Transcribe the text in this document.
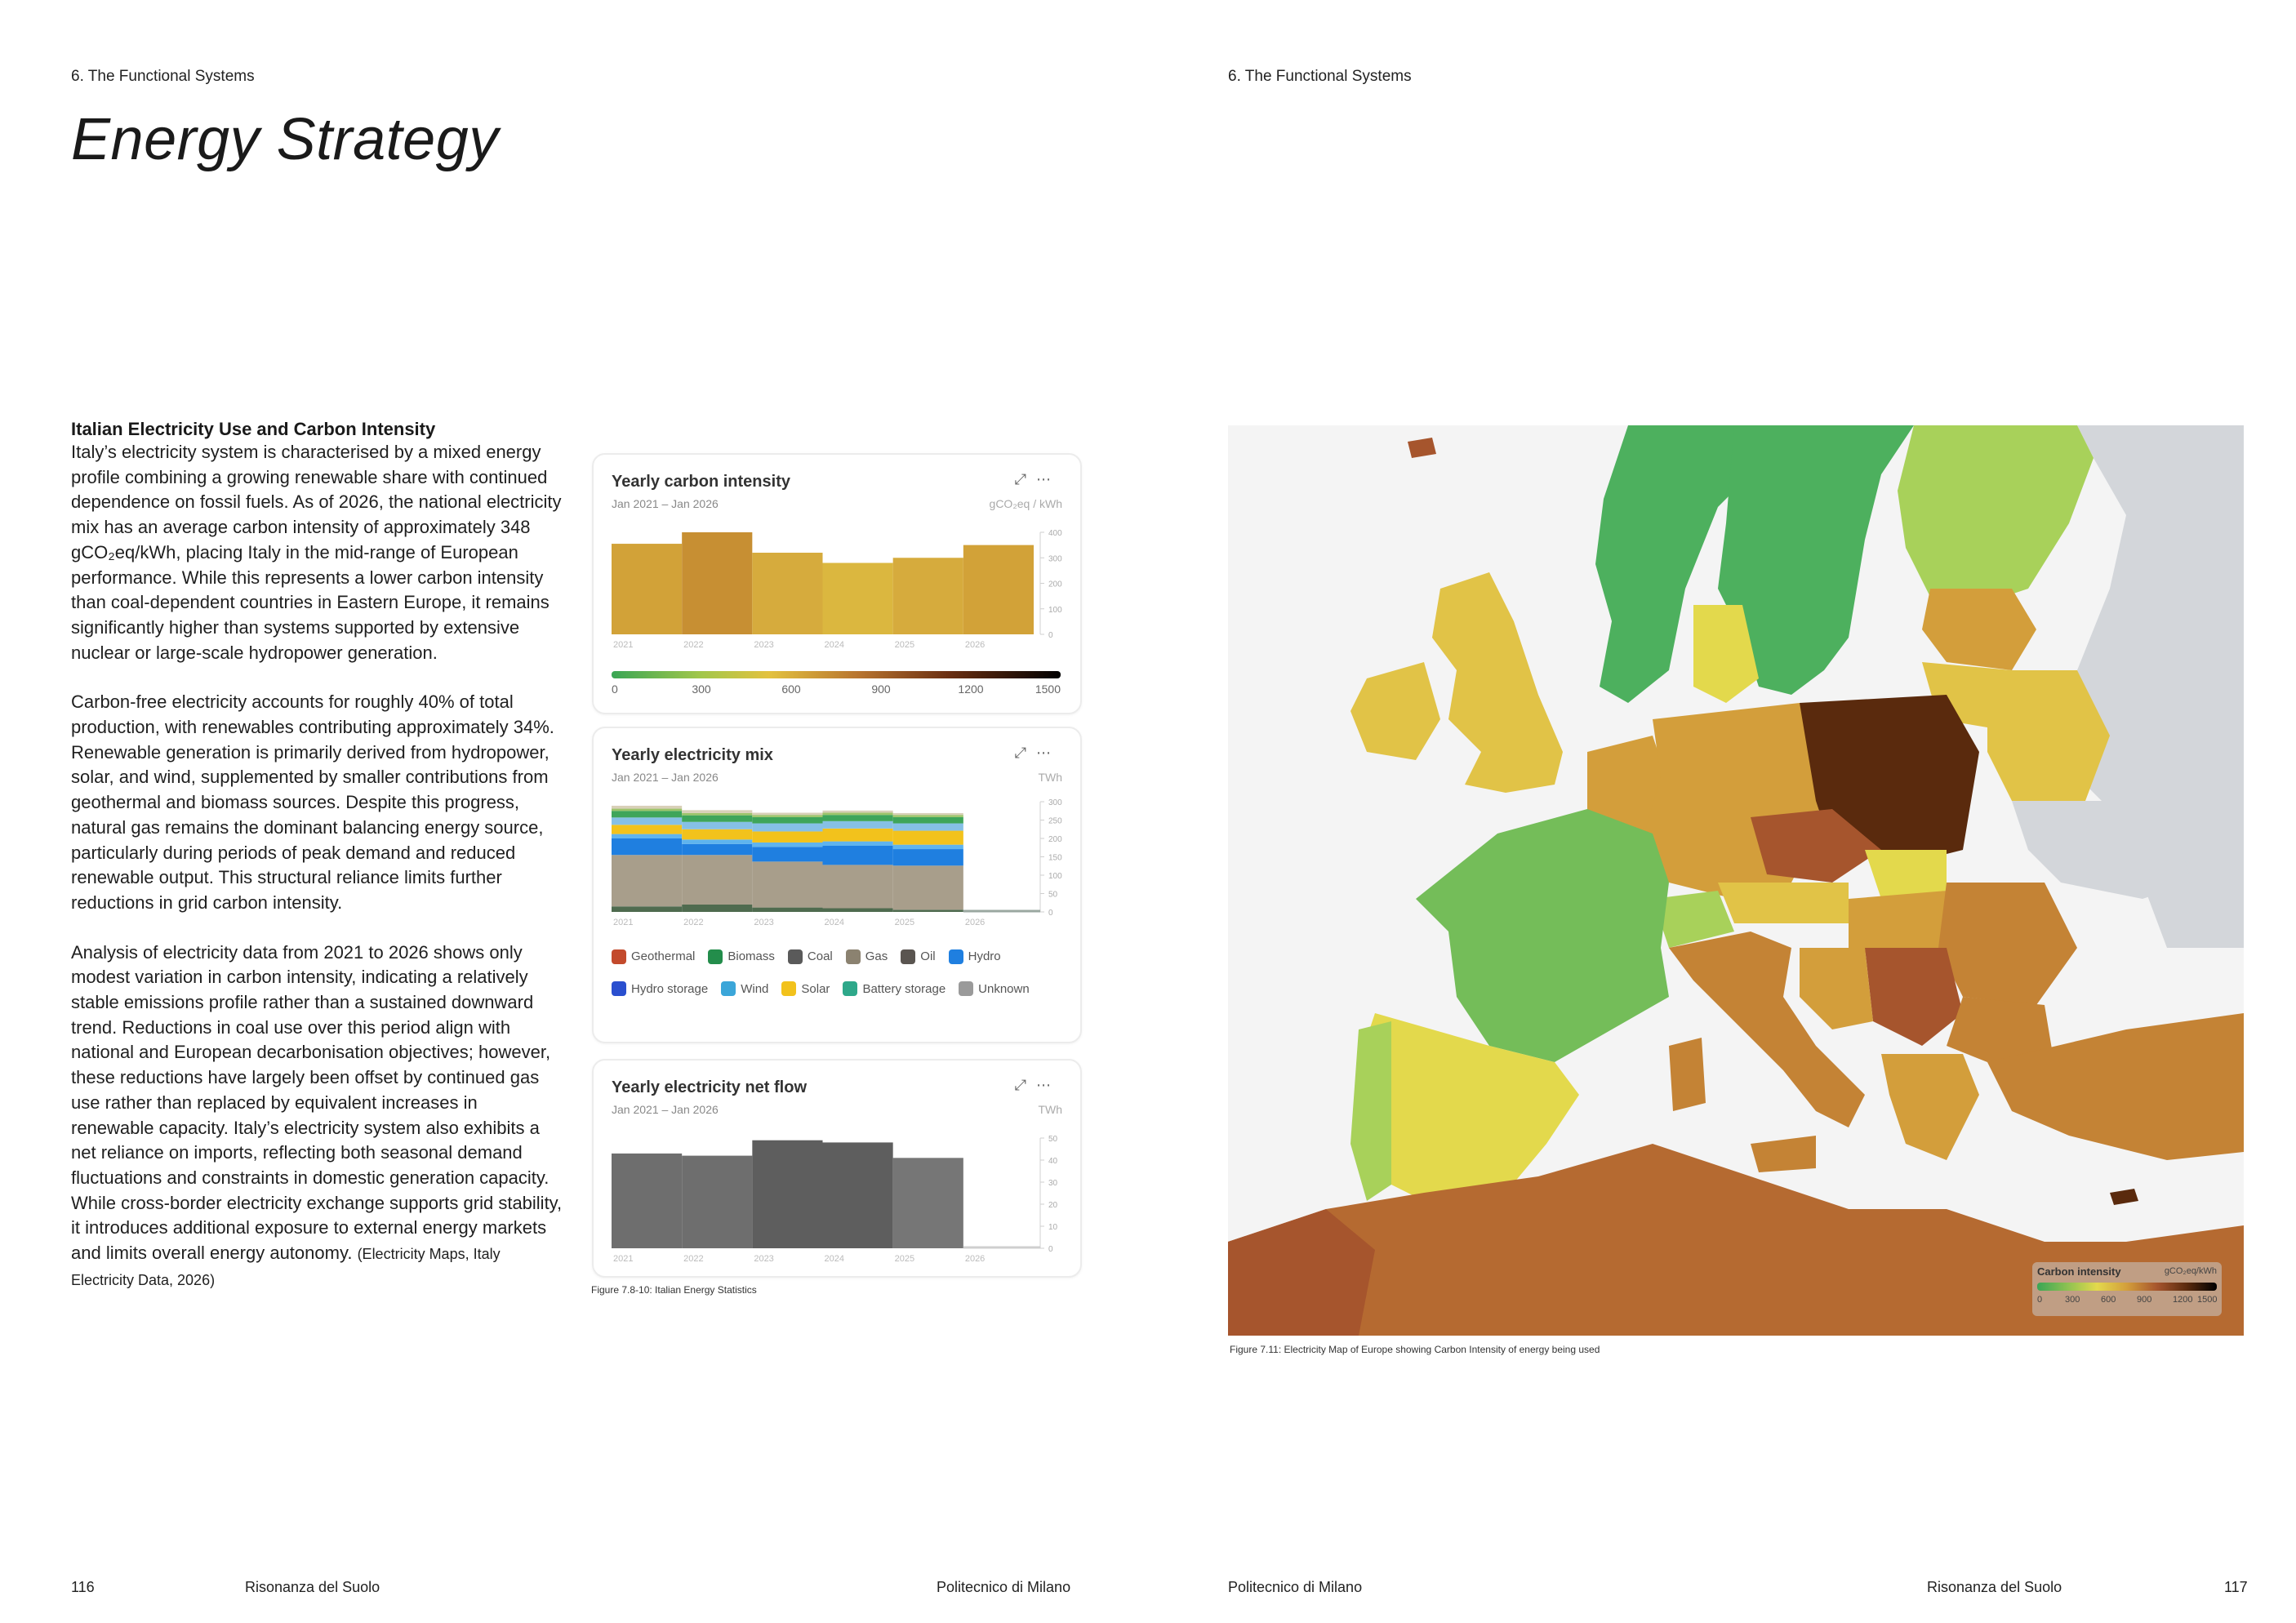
6. The Functional Systems
Energy Strategy
Italian Electricity Use and Carbon Intensity

Italy’s electricity system is characterised by a mixed energy profile combining a growing renewable share with continued dependence on fossil fuels. As of 2026, the national electricity mix has an average carbon intensity of approximately 348 gCO₂eq/kWh, placing Italy in the mid-range of European performance. While this represents a lower carbon intensity than coal-dependent countries in Eastern Europe, it remains significantly higher than systems supported by extensive nuclear or large-scale hydropower generation.

Carbon-free electricity accounts for roughly 40% of total production, with renewables contributing approximately 34%. Renewable generation is primarily derived from hydropower, solar, and wind, supplemented by smaller contributions from geothermal and biomass sources. Despite this progress, natural gas remains the dominant balancing energy source, particularly during periods of peak demand and reduced renewable output. This structural reliance limits further reductions in grid carbon intensity.

Analysis of electricity data from 2021 to 2026 shows only modest variation in carbon intensity, indicating a relatively stable emissions profile rather than a sustained downward trend. Reductions in coal use over this period align with national and European decarbonisation objectives; however, these reductions have largely been offset by continued gas use rather than replaced by equivalent increases in renewable capacity. Italy’s electricity system also exhibits a net reliance on imports, reflecting both seasonal demand fluctuations and constraints in domestic generation capacity. While cross-border electricity exchange supports grid stability, it introduces additional exposure to external energy markets and limits overall energy autonomy. (Electricity Maps, Italy Electricity Data, 2026)

Yearly carbon intensity
Jan 2021 – Jan 2026	gCO₂eq / kWh
⤢⋯
0
100
200
300
400
2021	2022	2023	2024	2025	2026
0	300	600	900	1200	1500
Yearly electricity mix
Jan 2021 – Jan 2026	TWh
⤢⋯
0
50
100
150
200
250
300
2021	2022	2023	2024	2025	2026
Geothermal	Biomass	Coal	Gas	Oil	Hydro
Hydro storage	Wind	Solar	Battery storage	Unknown
Yearly electricity net flow
Jan 2021 – Jan 2026	TWh
⤢⋯
0
10
20
30
40
50
2021	2022	2023	2024	2025	2026
Figure 7.8-10: Italian Energy Statistics
116	Risonanza del Suolo	Politecnico di Milano
6. The Functional Systems
Carbon intensity	gCO₂eq/kWh
0	300 600 900 1200 1500
Figure 7.11: Electricity Map of Europe showing Carbon Intensity of energy being used
Politecnico di Milano	Risonanza del Suolo	117
